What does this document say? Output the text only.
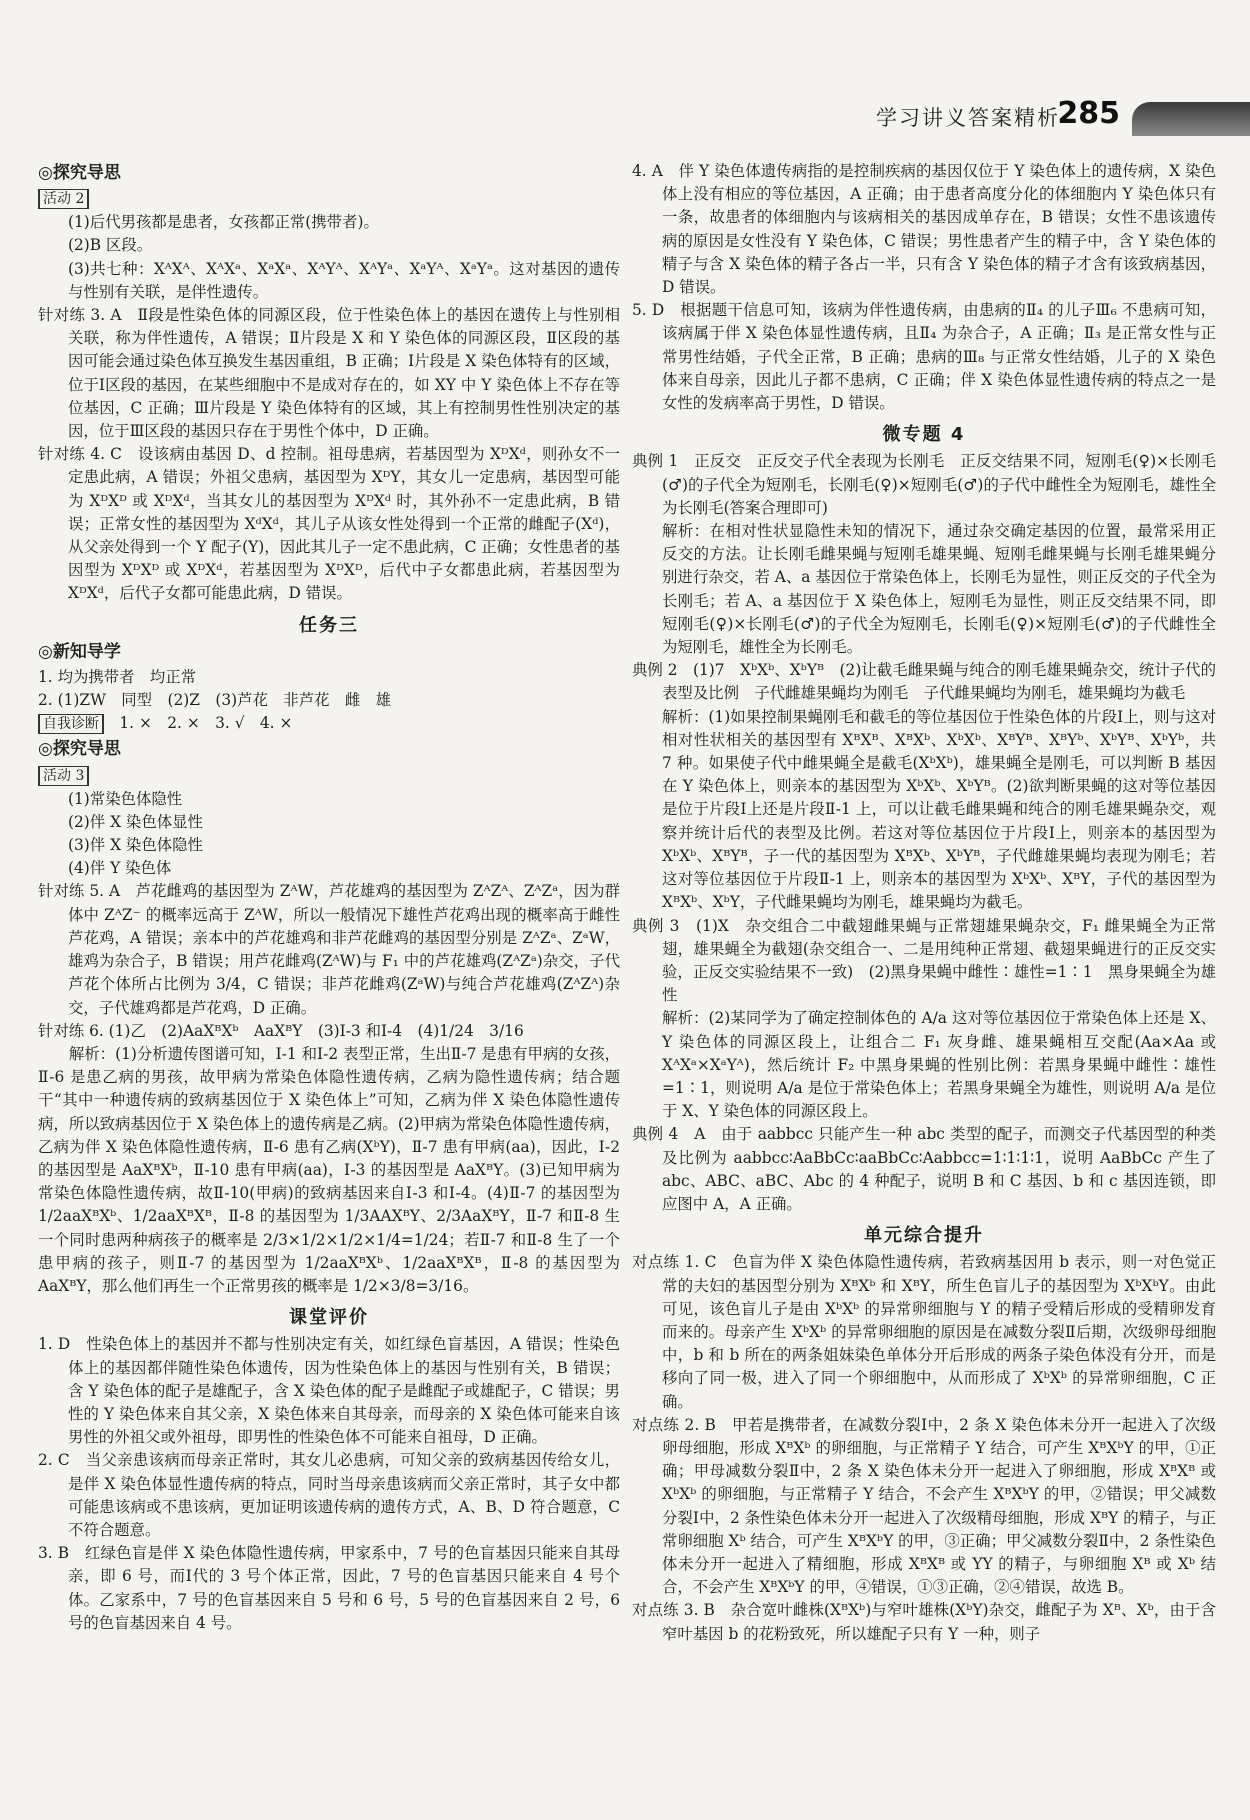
学习讲义答案精析
285
◎探究导思
活动 2

(1)后代男孩都是患者，女孩都正常(携带者)。

(2)B 区段。

(3)共七种：XᴬXᴬ、XᴬXᵃ、XᵃXᵃ、XᴬYᴬ、XᴬYᵃ、XᵃYᴬ、XᵃYᵃ。这对基因的遗传与性别有关联，是伴性遗传。

针对练 3. A　Ⅱ段是性染色体的同源区段，位于性染色体上的基因在遗传上与性别相关联，称为伴性遗传，A 错误；Ⅱ片段是 X 和 Y 染色体的同源区段，Ⅱ区段的基因可能会通过染色体互换发生基因重组，B 正确；Ⅰ片段是 X 染色体特有的区域，位于Ⅰ区段的基因，在某些细胞中不是成对存在的，如 XY 中 Y 染色体上不存在等位基因，C 正确；Ⅲ片段是 Y 染色体特有的区域，其上有控制男性性别决定的基因，位于Ⅲ区段的基因只存在于男性个体中，D 正确。

针对练 4. C　设该病由基因 D、d 控制。祖母患病，若基因型为 XᴰXᵈ，则孙女不一定患此病，A 错误；外祖父患病，基因型为 XᴰY，其女儿一定患病，基因型可能为 XᴰXᴰ 或 XᴰXᵈ，当其女儿的基因型为 XᴰXᵈ 时，其外孙不一定患此病，B 错误；正常女性的基因型为 XᵈXᵈ，其儿子从该女性处得到一个正常的雌配子(Xᵈ)，从父亲处得到一个 Y 配子(Y)，因此其儿子一定不患此病，C 正确；女性患者的基因型为 XᴰXᴰ 或 XᴰXᵈ，若基因型为 XᴰXᴰ，后代中子女都患此病，若基因型为 XᴰXᵈ，后代子女都可能患此病，D 错误。

任务三
◎新知导学

1. 均为携带者　均正常

2. (1)ZW　同型　(2)Z　(3)芦花　非芦花　雌　雄

自我诊断　1. ×　2. ×　3. √　4. ×
◎探究导思
活动 3

(1)常染色体隐性

(2)伴 X 染色体显性

(3)伴 X 染色体隐性

(4)伴 Y 染色体

针对练 5. A　芦花雌鸡的基因型为 ZᴬW，芦花雄鸡的基因型为 ZᴬZᴬ、ZᴬZᵃ，因为群体中 ZᴬZ⁻ 的概率远高于 ZᴬW，所以一般情况下雄性芦花鸡出现的概率高于雌性芦花鸡，A 错误；亲本中的芦花雄鸡和非芦花雌鸡的基因型分别是 ZᴬZᵃ、ZᵃW，雄鸡为杂合子，B 错误；用芦花雌鸡(ZᴬW)与 F₁ 中的芦花雄鸡(ZᴬZᵃ)杂交，子代芦花个体所占比例为 3/4，C 错误；非芦花雌鸡(ZᵃW)与纯合芦花雄鸡(ZᴬZᴬ)杂交，子代雄鸡都是芦花鸡，D 正确。

针对练 6. (1)乙　(2)AaXᴮXᵇ　AaXᴮY　(3)Ⅰ-3 和Ⅰ-4　(4)1/24　3/16

　　解析：(1)分析遗传图谱可知，Ⅰ-1 和Ⅰ-2 表型正常，生出Ⅱ-7 是患有甲病的女孩，Ⅱ-6 是患乙病的男孩，故甲病为常染色体隐性遗传病，乙病为隐性遗传病；结合题干“其中一种遗传病的致病基因位于 X 染色体上”可知，乙病为伴 X 染色体隐性遗传病，所以致病基因位于 X 染色体上的遗传病是乙病。(2)甲病为常染色体隐性遗传病，乙病为伴 X 染色体隐性遗传病，Ⅱ-6 患有乙病(XᵇY)，Ⅱ-7 患有甲病(aa)，因此，Ⅰ-2 的基因型是 AaXᴮXᵇ，Ⅱ-10 患有甲病(aa)，Ⅰ-3 的基因型是 AaXᴮY。(3)已知甲病为常染色体隐性遗传病，故Ⅱ-10(甲病)的致病基因来自Ⅰ-3 和Ⅰ-4。(4)Ⅱ-7 的基因型为 1/2aaXᴮXᵇ、1/2aaXᴮXᴮ，Ⅱ-8 的基因型为 1/3AAXᴮY、2/3AaXᴮY，Ⅱ-7 和Ⅱ-8 生一个同时患两种病孩子的概率是 2/3×1/2×1/2×1/4=1/24；若Ⅱ-7 和Ⅱ-8 生了一个患甲病的孩子，则Ⅱ-7 的基因型为 1/2aaXᴮXᵇ、1/2aaXᴮXᴮ，Ⅱ-8 的基因型为 AaXᴮY，那么他们再生一个正常男孩的概率是 1/2×3/8=3/16。

课堂评价

1. D　性染色体上的基因并不都与性别决定有关，如红绿色盲基因，A 错误；性染色体上的基因都伴随性染色体遗传，因为性染色体上的基因与性别有关，B 错误；含 Y 染色体的配子是雄配子，含 X 染色体的配子是雌配子或雄配子，C 错误；男性的 Y 染色体来自其父亲，X 染色体来自其母亲，而母亲的 X 染色体可能来自该男性的外祖父或外祖母，即男性的性染色体不可能来自祖母，D 正确。

2. C　当父亲患该病而母亲正常时，其女儿必患病，可知父亲的致病基因传给女儿，是伴 X 染色体显性遗传病的特点，同时当母亲患该病而父亲正常时，其子女中都可能患该病或不患该病，更加证明该遗传病的遗传方式，A、B、D 符合题意，C 不符合题意。

3. B　红绿色盲是伴 X 染色体隐性遗传病，甲家系中，7 号的色盲基因只能来自其母亲，即 6 号，而Ⅰ代的 3 号个体正常，因此，7 号的色盲基因只能来自 4 号个体。乙家系中，7 号的色盲基因来自 5 号和 6 号，5 号的色盲基因来自 2 号，6 号的色盲基因来自 4 号。

4. A　伴 Y 染色体遗传病指的是控制疾病的基因仅位于 Y 染色体上的遗传病，X 染色体上没有相应的等位基因，A 正确；由于患者高度分化的体细胞内 Y 染色体只有一条，故患者的体细胞内与该病相关的基因成单存在，B 错误；女性不患该遗传病的原因是女性没有 Y 染色体，C 错误；男性患者产生的精子中，含 Y 染色体的精子与含 X 染色体的精子各占一半，只有含 Y 染色体的精子才含有该致病基因，D 错误。

5. D　根据题干信息可知，该病为伴性遗传病，由患病的Ⅱ₄ 的儿子Ⅲ₆ 不患病可知，该病属于伴 X 染色体显性遗传病，且Ⅱ₄ 为杂合子，A 正确；Ⅱ₃ 是正常女性与正常男性结婚，子代全正常，B 正确；患病的Ⅲ₈ 与正常女性结婚，儿子的 X 染色体来自母亲，因此儿子都不患病，C 正确；伴 X 染色体显性遗传病的特点之一是女性的发病率高于男性，D 错误。

微专题 4

典例 1　正反交　正反交子代全表现为长刚毛　正反交结果不同，短刚毛(♀)×长刚毛(♂)的子代全为短刚毛，长刚毛(♀)×短刚毛(♂)的子代中雌性全为短刚毛，雄性全为长刚毛(答案合理即可)

解析：在相对性状显隐性未知的情况下，通过杂交确定基因的位置，最常采用正反交的方法。让长刚毛雌果蝇与短刚毛雄果蝇、短刚毛雌果蝇与长刚毛雄果蝇分别进行杂交，若 A、a 基因位于常染色体上，长刚毛为显性，则正反交的子代全为长刚毛；若 A、a 基因位于 X 染色体上，短刚毛为显性，则正反交结果不同，即短刚毛(♀)×长刚毛(♂)的子代全为短刚毛，长刚毛(♀)×短刚毛(♂)的子代雌性全为短刚毛，雄性全为长刚毛。

典例 2　(1)7　XᵇXᵇ、XᵇYᴮ　(2)让截毛雌果蝇与纯合的刚毛雄果蝇杂交，统计子代的表型及比例　子代雌雄果蝇均为刚毛　子代雌果蝇均为刚毛，雄果蝇均为截毛

解析：(1)如果控制果蝇刚毛和截毛的等位基因位于性染色体的片段Ⅰ上，则与这对相对性状相关的基因型有 XᴮXᴮ、XᴮXᵇ、XᵇXᵇ、XᴮYᴮ、XᴮYᵇ、XᵇYᴮ、XᵇYᵇ，共 7 种。如果使子代中雌果蝇全是截毛(XᵇXᵇ)，雄果蝇全是刚毛，可以判断 B 基因在 Y 染色体上，则亲本的基因型为 XᵇXᵇ、XᵇYᴮ。(2)欲判断果蝇的这对等位基因是位于片段Ⅰ上还是片段Ⅱ-1 上，可以让截毛雌果蝇和纯合的刚毛雄果蝇杂交，观察并统计后代的表型及比例。若这对等位基因位于片段Ⅰ上，则亲本的基因型为 XᵇXᵇ、XᴮYᴮ，子一代的基因型为 XᴮXᵇ、XᵇYᴮ，子代雌雄果蝇均表现为刚毛；若这对等位基因位于片段Ⅱ-1 上，则亲本的基因型为 XᵇXᵇ、XᴮY，子代的基因型为 XᴮXᵇ、XᵇY，子代雌果蝇均为刚毛，雄果蝇均为截毛。

典例 3　(1)X　杂交组合二中截翅雌果蝇与正常翅雄果蝇杂交，F₁ 雌果蝇全为正常翅，雄果蝇全为截翅(杂交组合一、二是用纯种正常翅、截翅果蝇进行的正反交实验，正反交实验结果不一致)　(2)黑身果蝇中雌性∶雄性=1∶1　黑身果蝇全为雄性

解析：(2)某同学为了确定控制体色的 A/a 这对等位基因位于常染色体上还是 X、Y 染色体的同源区段上，让组合二 F₁ 灰身雌、雄果蝇相互交配(Aa×Aa 或 XᴬXᵃ×XᵃYᴬ)，然后统计 F₂ 中黑身果蝇的性别比例：若黑身果蝇中雌性∶雄性=1∶1，则说明 A/a 是位于常染色体上；若黑身果蝇全为雄性，则说明 A/a 是位于 X、Y 染色体的同源区段上。

典例 4　A　由于 aabbcc 只能产生一种 abc 类型的配子，而测交子代基因型的种类及比例为 aabbcc∶AaBbCc∶aaBbCc∶Aabbcc=1∶1∶1∶1，说明 AaBbCc 产生了 abc、ABC、aBC、Abc 的 4 种配子，说明 B 和 C 基因、b 和 c 基因连锁，即应图中 A，A 正确。

单元综合提升

对点练 1. C　色盲为伴 X 染色体隐性遗传病，若致病基因用 b 表示，则一对色觉正常的夫妇的基因型分别为 XᴮXᵇ 和 XᴮY，所生色盲儿子的基因型为 XᵇXᵇY。由此可见，该色盲儿子是由 XᵇXᵇ 的异常卵细胞与 Y 的精子受精后形成的受精卵发育而来的。母亲产生 XᵇXᵇ 的异常卵细胞的原因是在减数分裂Ⅱ后期，次级卵母细胞中，b 和 b 所在的两条姐妹染色单体分开后形成的两条子染色体没有分开，而是移向了同一极，进入了同一个卵细胞中，从而形成了 XᵇXᵇ 的异常卵细胞，C 正确。

对点练 2. B　甲若是携带者，在减数分裂Ⅰ中，2 条 X 染色体未分开一起进入了次级卵母细胞，形成 XᴮXᵇ 的卵细胞，与正常精子 Y 结合，可产生 XᴮXᵇY 的甲，①正确；甲母减数分裂Ⅱ中，2 条 X 染色体未分开一起进入了卵细胞，形成 XᴮXᴮ 或 XᵇXᵇ 的卵细胞，与正常精子 Y 结合，不会产生 XᴮXᵇY 的甲，②错误；甲父减数分裂Ⅰ中，2 条性染色体未分开一起进入了次级精母细胞，形成 XᴮY 的精子，与正常卵细胞 Xᵇ 结合，可产生 XᴮXᵇY 的甲，③正确；甲父减数分裂Ⅱ中，2 条性染色体未分开一起进入了精细胞，形成 XᴮXᴮ 或 YY 的精子，与卵细胞 Xᴮ 或 Xᵇ 结合，不会产生 XᴮXᵇY 的甲，④错误，①③正确，②④错误，故选 B。

对点练 3. B　杂合宽叶雌株(XᴮXᵇ)与窄叶雄株(XᵇY)杂交，雌配子为 Xᴮ、Xᵇ，由于含窄叶基因 b 的花粉致死，所以雄配子只有 Y 一种，则子
